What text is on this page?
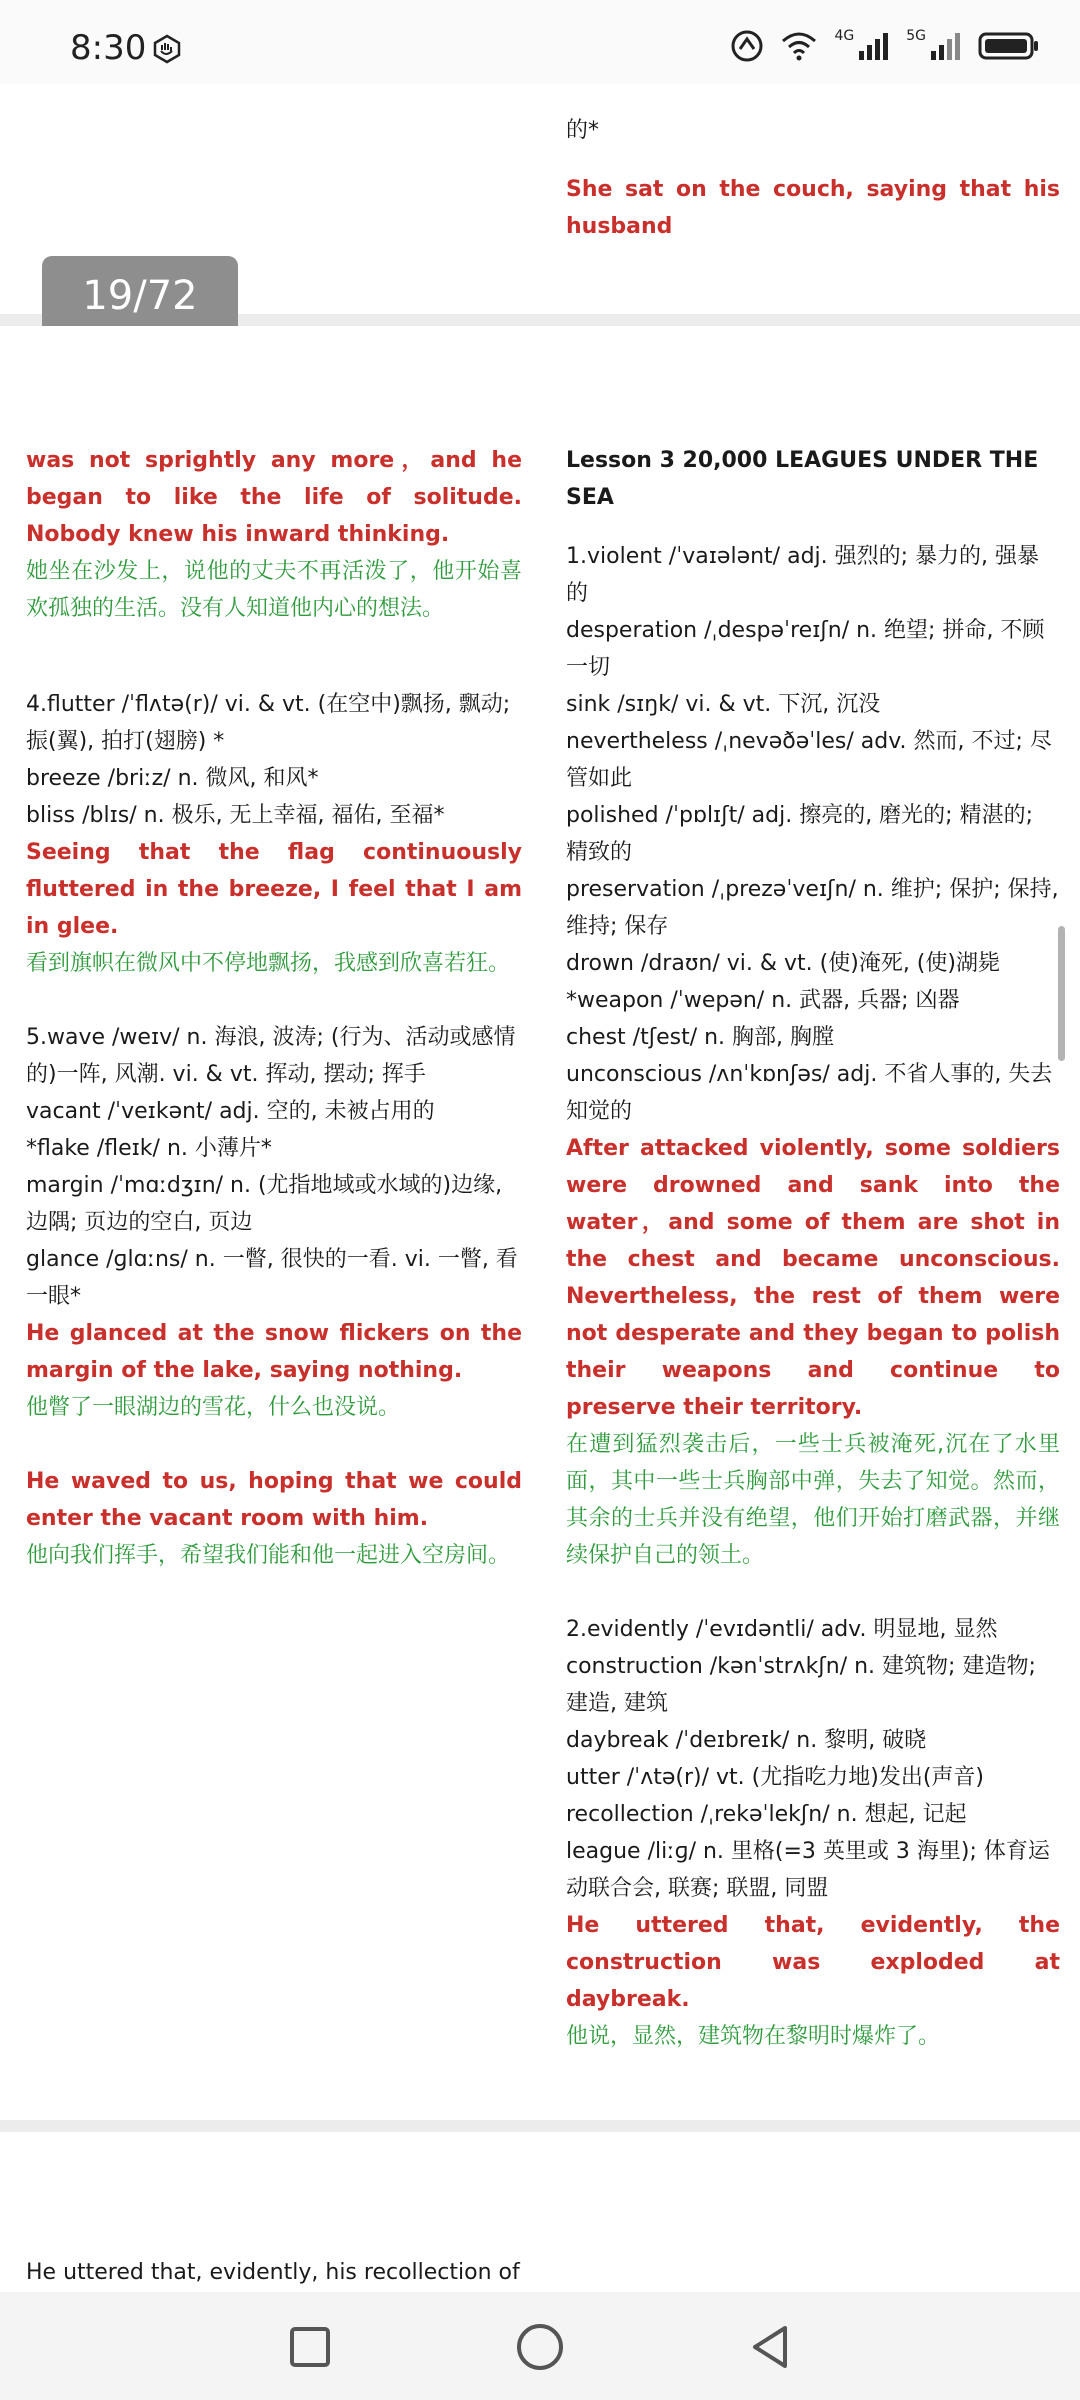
8:30	4G	5G

的*

She sat on the couch, saying that his husband

19/72

was not sprightly any more，and he began to like the life of solitude. Nobody knew his inward thinking.

她坐在沙发上，说他的丈夫不再活泼了，他开始喜欢孤独的生活。没有人知道他内心的想法。

4.flutter /ˈflʌtə(r)/ vi. & vt. (在空中)飘扬, 飘动; 振(翼), 拍打(翅膀) *

breeze /briːz/ n. 微风, 和风*

bliss /blɪs/ n. 极乐, 无上幸福, 福佑, 至福*

Seeing that the flag continuously fluttered in the breeze, I feel that I am in glee.

看到旗帜在微风中不停地飘扬，我感到欣喜若狂。

5.wave /weɪv/ n. 海浪, 波涛; (行为、活动或感情的)一阵, 风潮. vi. & vt. 挥动, 摆动; 挥手

vacant /ˈveɪkənt/ adj. 空的, 未被占用的

*flake /fleɪk/ n. 小薄片*

margin /ˈmɑːdʒɪn/ n. (尤指地域或水域的)边缘, 边隅; 页边的空白, 页边

glance /ɡlɑːns/ n. 一瞥, 很快的一看. vi. 一瞥, 看一眼*

He glanced at the snow flickers on the margin of the lake, saying nothing.

他瞥了一眼湖边的雪花，什么也没说。

He waved to us, hoping that we could enter the vacant room with him.

他向我们挥手，希望我们能和他一起进入空房间。

Lesson 3 20,000 LEAGUES UNDER THE SEA

1.violent /ˈvaɪələnt/ adj. 强烈的; 暴力的, 强暴的

desperation /ˌdespəˈreɪʃn/ n. 绝望; 拼命, 不顾一切

sink /sɪŋk/ vi. & vt. 下沉, 沉没

nevertheless /ˌnevəðəˈles/ adv. 然而, 不过; 尽管如此

polished /ˈpɒlɪʃt/ adj. 擦亮的, 磨光的; 精湛的; 精致的

preservation /ˌprezəˈveɪʃn/ n. 维护; 保护; 保持, 维持; 保存

drown /draʊn/ vi. & vt. (使)淹死, (使)湖毙

*weapon /ˈwepən/ n. 武器, 兵器; 凶器

chest /tʃest/ n. 胸部, 胸膛

unconscious /ʌnˈkɒnʃəs/ adj. 不省人事的, 失去知觉的

After attacked violently, some soldiers were drowned and sank into the water，and some of them are shot in the chest and became unconscious. Nevertheless, the rest of them were not desperate and they began to polish their weapons and continue to preserve their territory.

在遭到猛烈袭击后，一些士兵被淹死,沉在了水里面，其中一些士兵胸部中弹，失去了知觉。然而，其余的士兵并没有绝望，他们开始打磨武器，并继续保护自己的领土。

2.evidently /ˈevɪdəntli/ adv. 明显地, 显然

construction /kənˈstrʌkʃn/ n. 建筑物; 建造物; 建造, 建筑

daybreak /ˈdeɪbreɪk/ n. 黎明, 破晓

utter /ˈʌtə(r)/ vt. (尤指吃力地)发出(声音)

recollection /ˌrekəˈlekʃn/ n. 想起, 记起

league /liːɡ/ n. 里格(=3 英里或 3 海里); 体育运动联合会, 联赛; 联盟, 同盟

He uttered that, evidently, the construction was exploded at daybreak.

他说，显然，建筑物在黎明时爆炸了。

He uttered that, evidently, his recollection of
